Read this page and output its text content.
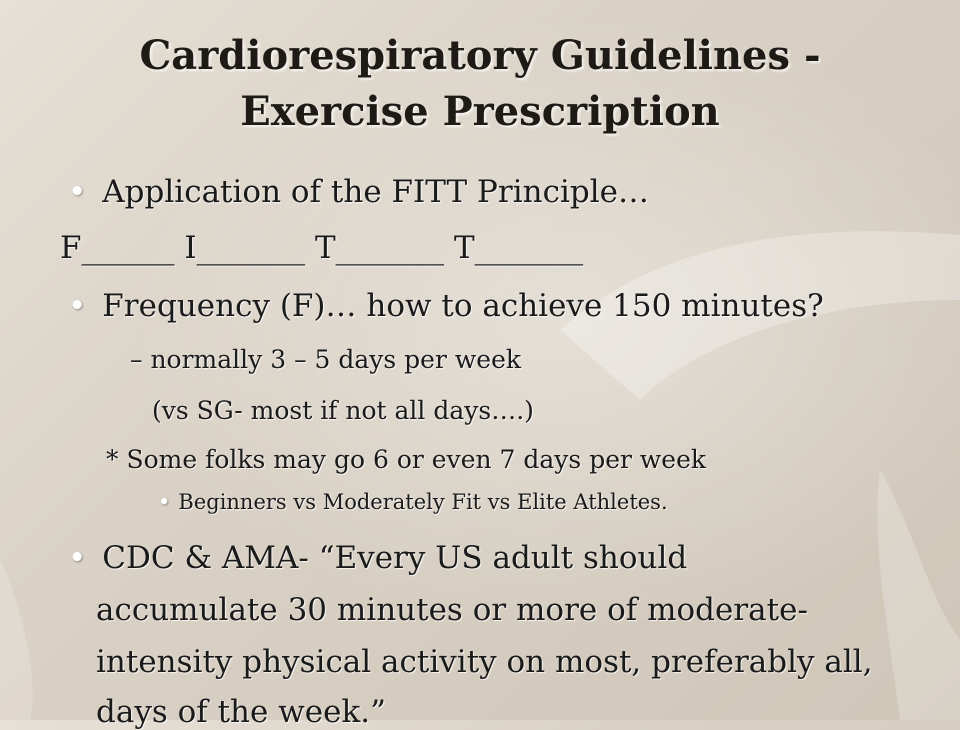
Cardiorespiratory Guidelines -
Exercise Prescription
• Application of the FITT Principle…
F______ I_______ T_______ T_______
• Frequency (F)… how to achieve 150 minutes?
– normally 3 – 5 days per week
(vs SG- most if not all days….)
* Some folks may go 6 or even 7 days per week
• Beginners vs Moderately Fit vs Elite Athletes.
• CDC & AMA- “Every US adult should
accumulate 30 minutes or more of moderate-
intensity physical activity on most, preferably all,
days of the week.”
